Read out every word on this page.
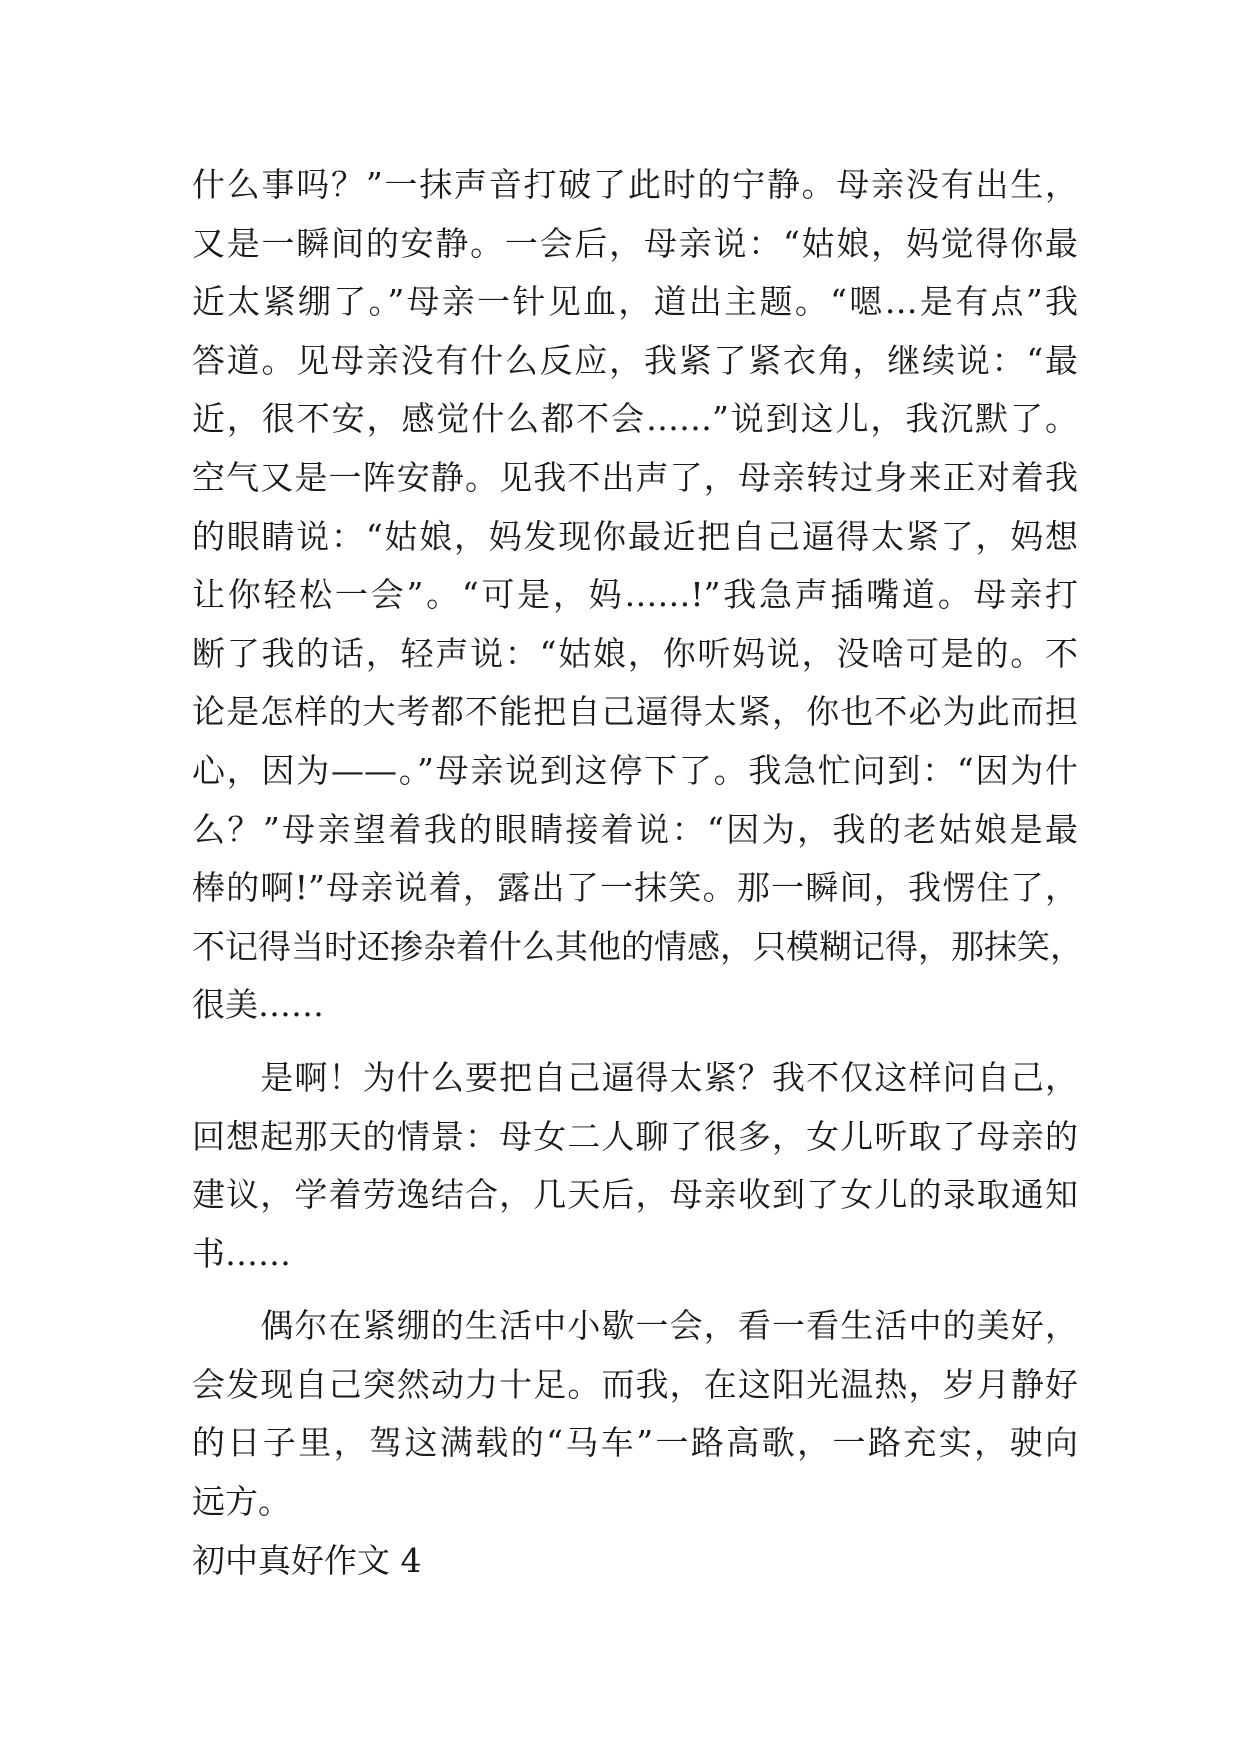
什么事吗？”一抹声音打破了此时的宁静。母亲没有出生，
又是一瞬间的安静。一会后，母亲说：“姑娘，妈觉得你最
近太紧绷了。”母亲一针见血，道出主题。“嗯…是有点”我
答道。见母亲没有什么反应，我紧了紧衣角，继续说：“最
近，很不安，感觉什么都不会……”说到这儿，我沉默了。
空气又是一阵安静。见我不出声了，母亲转过身来正对着我
的眼睛说：“姑娘，妈发现你最近把自己逼得太紧了，妈想
让你轻松一会”。“可是，妈……!”我急声插嘴道。母亲打
断了我的话，轻声说：“姑娘，你听妈说，没啥可是的。不
论是怎样的大考都不能把自己逼得太紧，你也不必为此而担
心，因为——。”母亲说到这停下了。我急忙问到：“因为什
么？”母亲望着我的眼睛接着说：“因为，我的老姑娘是最
棒的啊!”母亲说着，露出了一抹笑。那一瞬间，我愣住了，
不记得当时还掺杂着什么其他的情感，只模糊记得，那抹笑，
很美……
　　是啊！为什么要把自己逼得太紧？我不仅这样问自己，
回想起那天的情景：母女二人聊了很多，女儿听取了母亲的
建议，学着劳逸结合，几天后，母亲收到了女儿的录取通知
书……
　　偶尔在紧绷的生活中小歇一会，看一看生活中的美好，
会发现自己突然动力十足。而我，在这阳光温热，岁月静好
的日子里，驾这满载的“马车”一路高歌，一路充实，驶向
远方。
初中真好作文 4
